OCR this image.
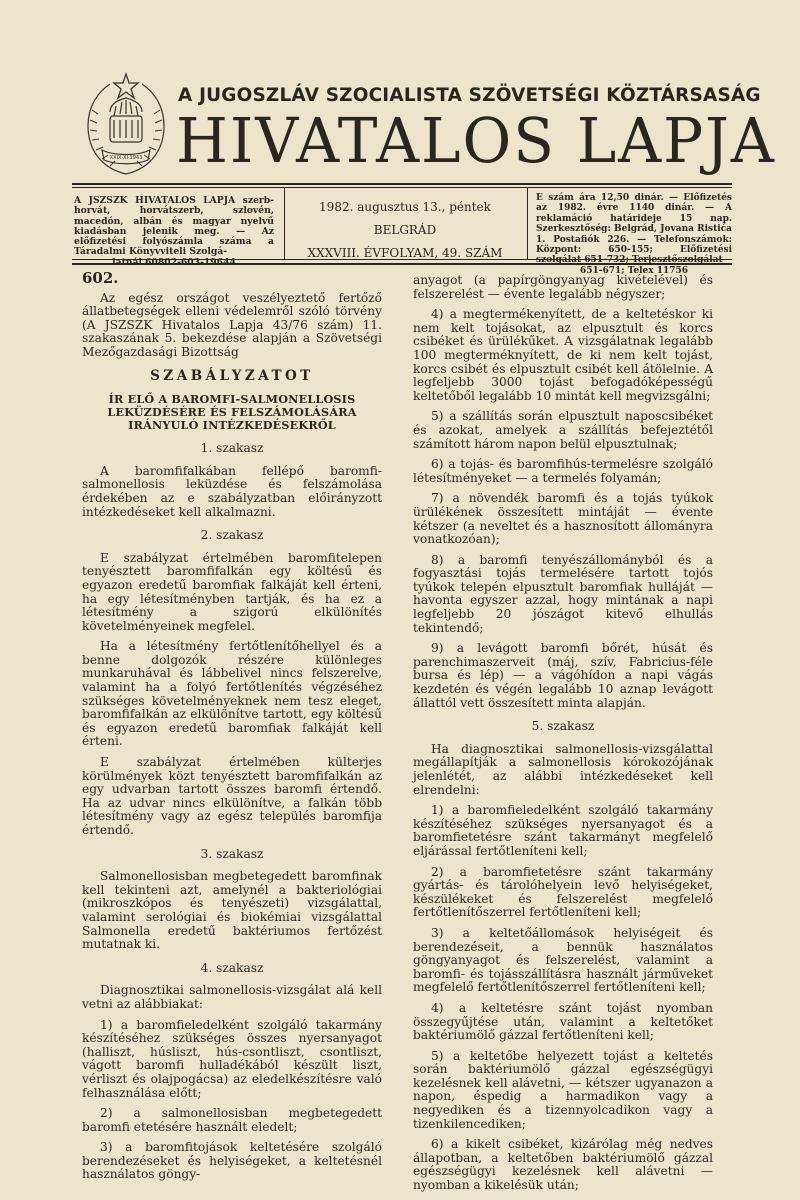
XXIX·XI·1943
A JUGOSZLÁV SZOCIALISTA SZÖVETSÉGI KÖZTÁRSASÁG
HIVATALOS LAPJA
A JSZSZK HIVATALOS LAPJA szerb-horvát, horvátszerb, szlovén, macedón, albán és magyar nyelvű kiadásban jelenik meg. — Az előfizetési folyószámla száma a Táradalmi Könyvviteli Szolgá-
latnál 60802-603-19644
1982. augusztus 13., péntek
BELGRÁD
XXXVIII. ÉVFOLYAM, 49. SZÁM
E szám ára 12,50 dinár. — Előfizetés az 1982. évre 1140 dinár. — A reklamáció határideje 15 nap. Szerkesztőség: Belgrád, Jovana Ristića 1. Postafiók 226. — Telefonszámok: Központ: 650-155; Előfizetési szolgálat 651-732; Terjesztőszolgálat
651-671; Telex 11756
602.

Az egész országot veszélyeztető fertőző állatbetegségek elleni védelemről szóló törvény (A JSZSZK Hivatalos Lapja 43/76 szám) 11. szakaszának 5. bekezdése alapján a Szövetségi Mezőgazdasági Bizottság

SZABÁLYZATOT
ÍR ELŐ A BAROMFI-SALMONELLOSIS LEKÜZDÉSÉRE ÉS FELSZÁMOLÁSÁRA IRÁNYULÓ INTÉZKEDÉSEKRŐL
1. szakasz

A baromfifalkában fellépő baromfi-salmonellosis leküzdése és felszámolása érdekében az e szabályzatban előirányzott intézkedéseket kell alkalmazni.

2. szakasz

E szabályzat értelmében baromfitelepen tenyésztett baromfifalkán egy költésű és egyazon eredetű baromfiak falkáját kell érteni, ha egy létesítményben tartják, és ha ez a létesítmény a szigorú elkülönítés követelményeinek megfelel.

Ha a létesítmény fertőtlenítőhellyel és a benne dolgozók részére különleges munkaruhával és lábbelivel nincs felszerelve, valamint ha a folyó fertőtlenítés végzéséhez szükséges követelményeknek nem tesz eleget, baromfifalkán az elkülönítve tartott, egy költésű és egyazon eredetű baromfiak falkáját kell érteni.

E szabályzat értelmében külterjes körülmények közt tenyésztett baromfifalkán az egy udvarban tartott összes baromfi értendő. Ha az udvar nincs elkülönítve, a falkán több létesítmény vagy az egész település baromfija értendő.

3. szakasz

Salmonellosisban megbetegedett baromfinak kell tekinteni azt, amelynél a bakteriológiai (mikroszkópos és tenyészeti) vizsgálattal, valamint serológiai és biokémiai vizsgálattal Salmonella eredetű baktériumos fertőzést mutatnak ki.

4. szakasz

Diagnosztikai salmonellosis-vizsgálat alá kell vetni az alábbiakat:

1) a baromfieledelként szolgáló takarmány készítéséhez szükséges összes nyersanyagot (halliszt, húsliszt, hús-csontliszt, csontliszt, vágott baromfi hulladékából készült liszt, vérliszt és olajpogácsa) az eledelkészítésre való felhasználása előtt;

2) a salmonellosisban megbetegedett baromfi etetésére használt eledelt;

3) a baromfitojások keltetésére szolgáló berendezéseket és helyiségeket, a keltetésnél használatos göngy-

anyagot (a papírgöngyanyag kivételével) és felszerelést — évente legalább négyszer;

4) a megtermékenyített, de a keltetéskor ki nem kelt tojásokat, az elpusztult és korcs csibéket és ürülékűket. A vizsgálatnak legalább 100 megterméknyített, de ki nem kelt tojást, korcs csibét és elpusztult csibét kell átölelnie. A legfeljebb 3000 tojást befogadóképességű keltetőből legalább 10 mintát kell megvizsgálni;

5) a szállítás során elpusztult naposcsibéket és azokat, amelyek a szállítás befejeztétől számított három napon belül elpusztulnak;

6) a tojás- és baromfihús-termelésre szolgáló létesítményeket — a termelés folyamán;

7) a növendék baromfi és a tojás tyúkok ürülékének összesített mintáját — évente kétszer (a neveltet és a hasznosított állományra vonatkozóan);

8) a baromfi tenyészállományból és a fogyasztási tojás termelésére tartott tojós tyúkok telepén elpusztult baromfiak hulláját — havonta egyszer azzal, hogy mintának a napi legfeljebb 20 jószágot kitevő elhullás tekintendő;

9) a levágott baromfi bőrét, húsát és parenchimaszerveit (máj, szív, Fabricius-féle bursa és lép) — a vágóhídon a napi vágás kezdetén és végén legalább 10 aznap levágott állattól vett összesített minta alapján.

5. szakasz

Ha diagnosztikai salmonellosis-vizsgálattal megállapítják a salmonellosis kórokozójának jelenlétét, az alábbi intézkedéseket kell elrendelni:

1) a baromfieledelként szolgáló takarmány készítéséhez szükséges nyersanyagot és a baromfietetésre szánt takarmányt megfelelő eljárással fertőtleníteni kell;

2) a baromfietetésre szánt takarmány gyártás- és tárolóhelyein levő helyiségeket, készülékeket és felszerelést megfelelő fertőtlenítőszerrel fertőtleníteni kell;

3) a keltetőállomások helyiségeit és berendezéseit, a bennük használatos göngyanyagot és felszerelést, valamint a baromfi- és tojásszállításra használt járműveket megfelelő fertőtlenítőszerrel fertőtleníteni kell;

4) a keltetésre szánt tojást nyomban összegyűjtése után, valamint a keltetőket baktériumölő gázzal fertőtleníteni kell;

5) a keltetőbe helyezett tojást a keltetés során baktériumölő gázzal egészségügyi kezelésnek kell alávetni, — kétszer ugyanazon a napon, éspedig a harmadikon vagy a negyediken és a tizennyolcadikon vagy a tizenkilencediken;

6) a kikelt csibéket, kizárólag még nedves állapotban, a keltetőben baktériumölő gázzal egészségügyi kezelésnek kell alávetni — nyomban a kikelésük után;
